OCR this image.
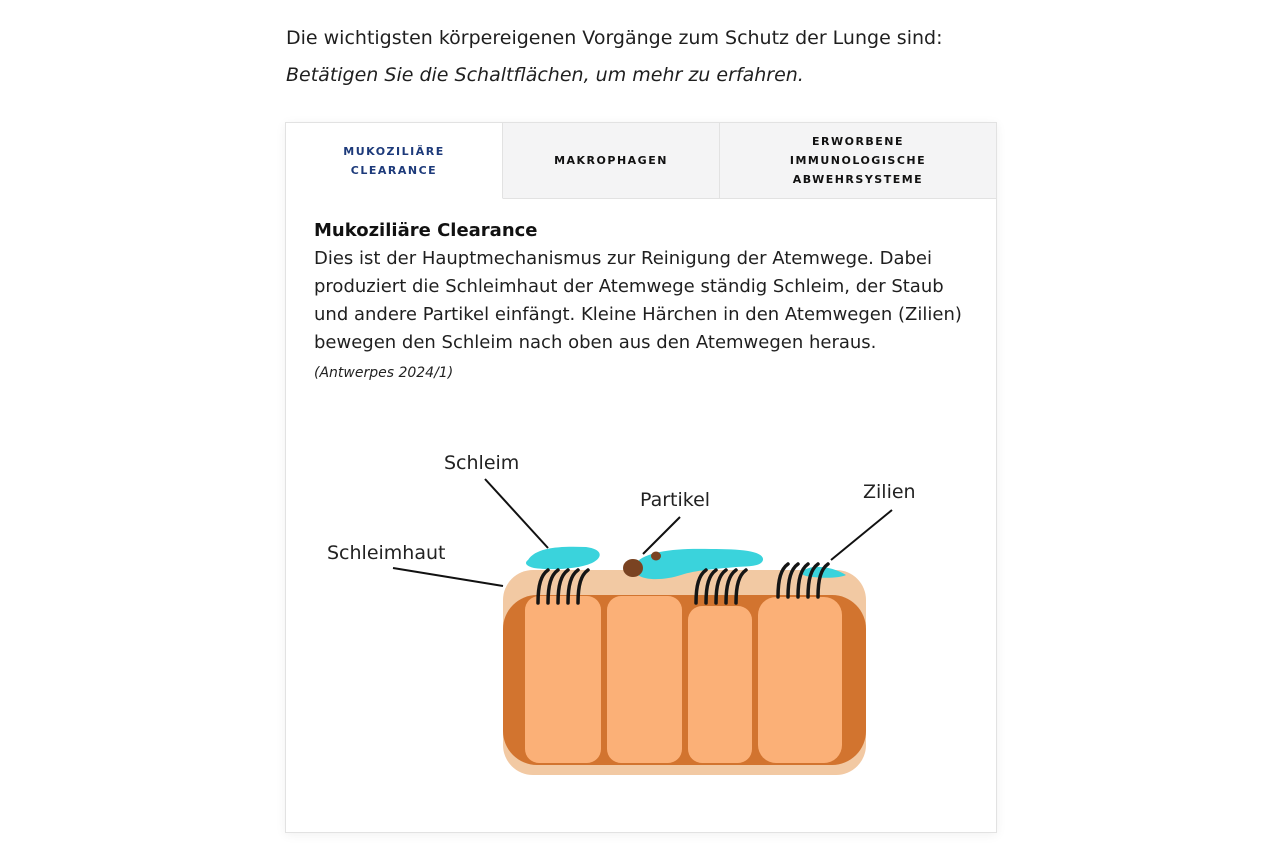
Die wichtigsten körpereigenen Vorgänge zum Schutz der Lunge sind:
Betätigen Sie die Schaltflächen, um mehr zu erfahren.
MUKOZILIÄRE CLEARANCE
MAKROPHAGEN
ERWORBENE IMMUNOLOGISCHE ABWEHRSYSTEME
Mukoziliäre Clearance
Dies ist der Hauptmechanismus zur Reinigung der Atemwege. Dabei produziert die Schleimhaut der Atemwege ständig Schleim, der Staub und andere Partikel einfängt. Kleine Härchen in den Atemwegen (Zilien) bewegen den Schleim nach oben aus den Atemwegen heraus.
(Antwerpes 2024/1)
Schleim
Partikel	Zilien
Schleimhaut
